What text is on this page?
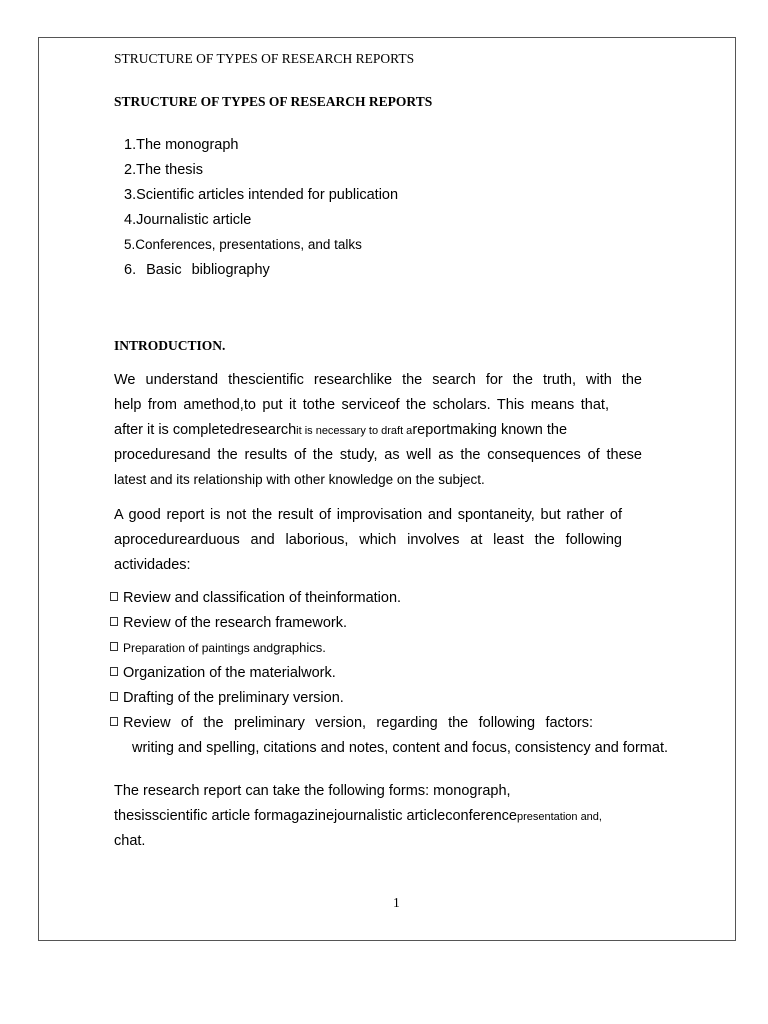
STRUCTURE OF TYPES OF RESEARCH REPORTS
STRUCTURE OF TYPES OF RESEARCH REPORTS
1.The monograph
2.The thesis
3.Scientific articles intended for publication
4.Journalistic article
5.Conferences, presentations, and talks
6. Basic bibliography
INTRODUCTION.
We understand thescientific researchlike the search for the truth, with the
help from amethod,to put it tothe serviceof the scholars. This means that,
after it is completedresearchit is necessary to draft areportmaking known the
proceduresand the results of the study, as well as the consequences of these
latest and its relationship with other knowledge on the subject.
A good report is not the result of improvisation and spontaneity, but rather of
aprocedurearduous and laborious, which involves at least the following
actividades:
Review and classification of theinformation.
Review of the research framework.
Preparation of paintings andgraphics.
Organization of the materialwork.
Drafting of the preliminary version.
Review of the preliminary version, regarding the following factors:
writing and spelling, citations and notes, content and focus, consistency and format.
The research report can take the following forms: monograph,
thesisscientific article formagazinejournalistic articleconferencepresentation and,
chat.
1
